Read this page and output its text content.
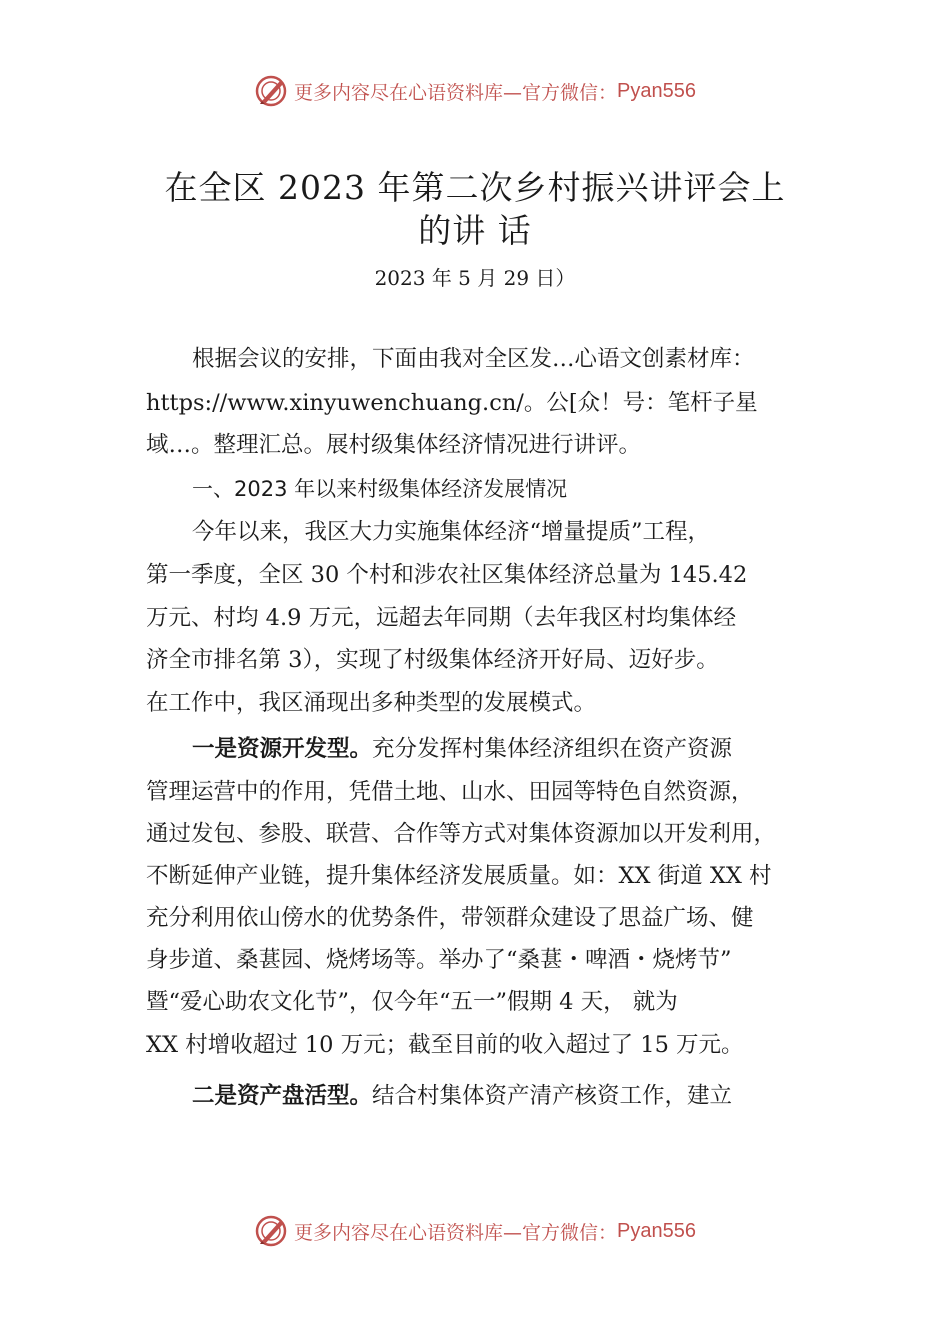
更多内容尽在心语资料库—官方微信： Pyan556
在全区 2023 年第二次乡村振兴讲评会上
的讲 话
2023 年 5 月 29 日）
根据会议的安排，下面由我对全区发…心语文创素材库：
https://www.xinyuwenchuang.cn/。公[众！号：笔杆子星
域…。整理汇总。展村级集体经济情况进行讲评。
一、2023 年以来村级集体经济发展情况
今年以来，我区大力实施集体经济“增量提质”工程，
第一季度，全区 30 个村和涉农社区集体经济总量为 145.42
万元、村均 4.9 万元，远超去年同期（去年我区村均集体经
济全市排名第 3），实现了村级集体经济开好局、迈好步。
在工作中，我区涌现出多种类型的发展模式。
一是资源开发型。充分发挥村集体经济组织在资产资源
管理运营中的作用，凭借土地、山水、田园等特色自然资源，
通过发包、参股、联营、合作等方式对集体资源加以开发利用，
不断延伸产业链，提升集体经济发展质量。如：XX 街道 XX 村
充分利用依山傍水的优势条件，带领群众建设了思益广场、健
身步道、桑葚园、烧烤场等。举办了“桑葚・啤酒・烧烤节”
暨“爱心助农文化节”，仅今年“五一”假期 4 天， 就为
XX 村增收超过 10 万元；截至目前的收入超过了 15 万元。
二是资产盘活型。结合村集体资产清产核资工作，建立
更多内容尽在心语资料库—官方微信： Pyan556
